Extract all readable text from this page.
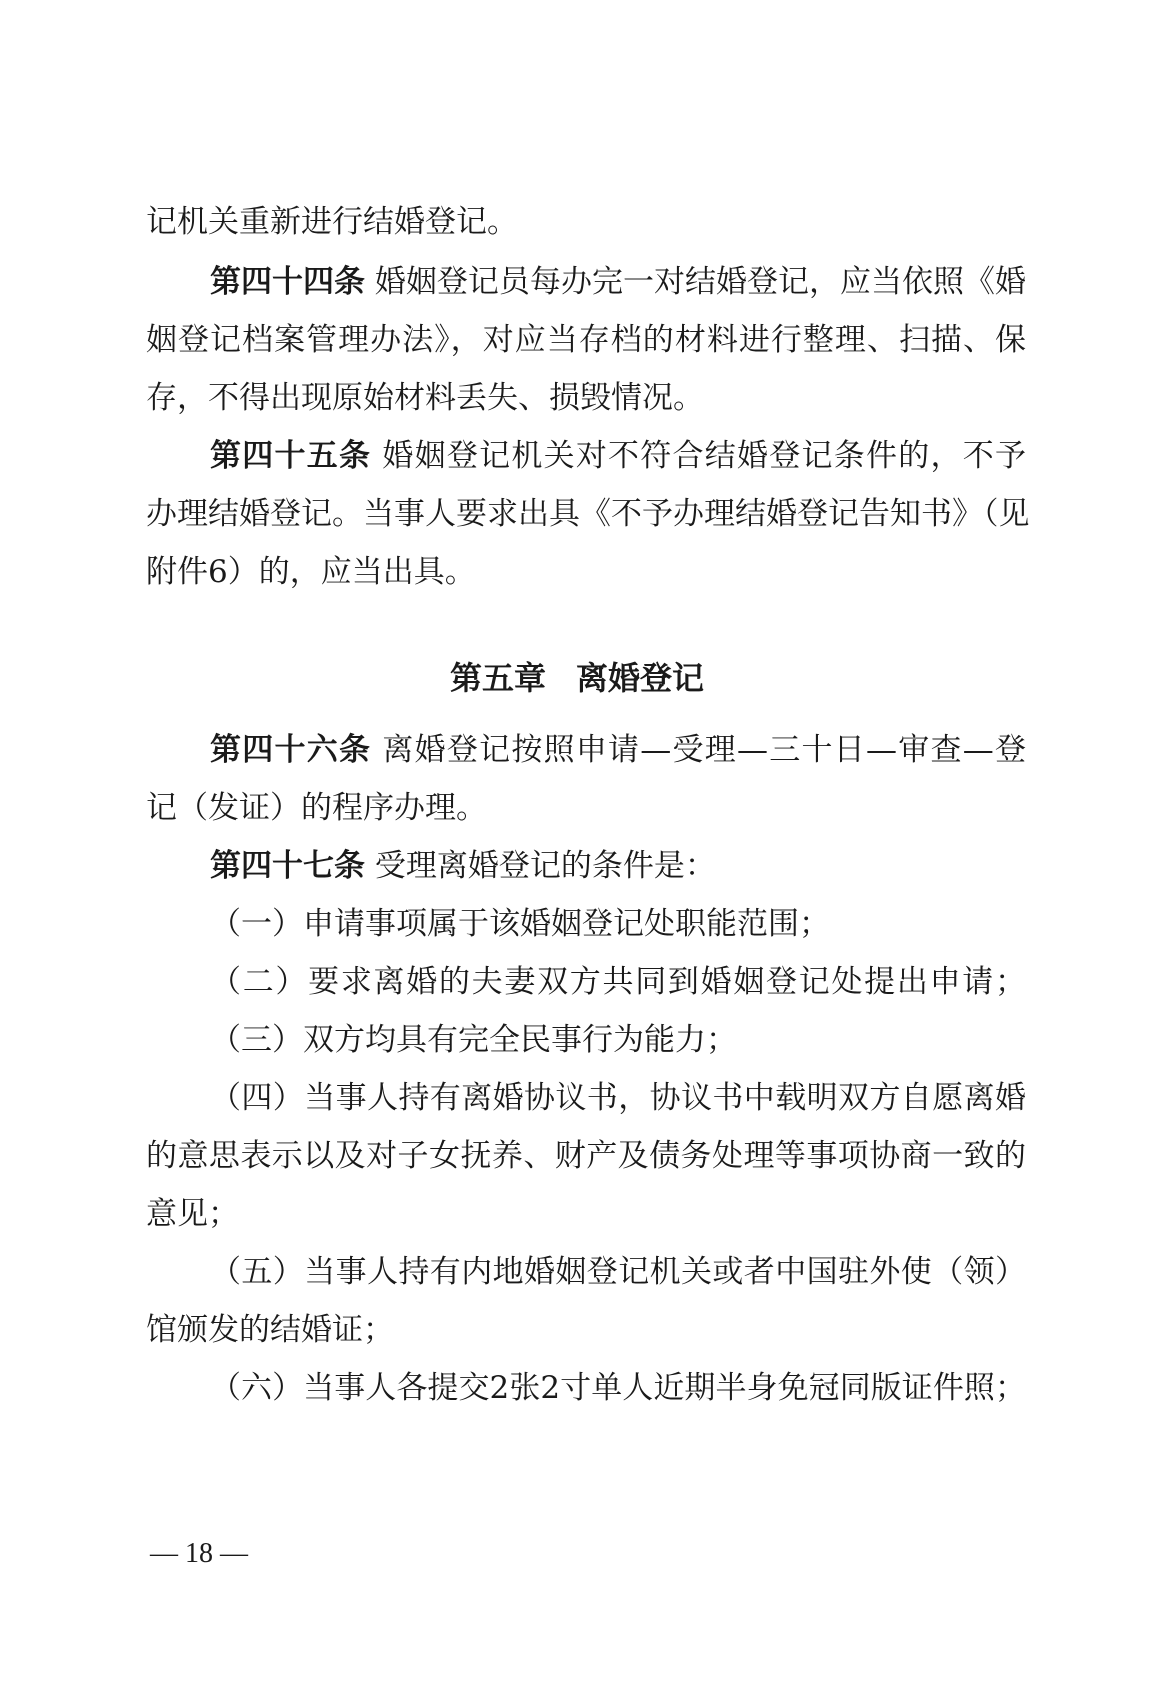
记机关重新进行结婚登记。
第四十四条 婚姻登记员每办完一对结婚登记，应当依照《婚
姻登记档案管理办法》，对应当存档的材料进行整理、扫描、保
存，不得出现原始材料丢失、损毁情况。
第四十五条 婚姻登记机关对不符合结婚登记条件的，不予
办理结婚登记。当事人要求出具《不予办理结婚登记告知书》（见
附件6）的，应当出具。
第五章 离婚登记
第四十六条 离婚登记按照申请—受理—三十日—审查—登
记（发证）的程序办理。
第四十七条 受理离婚登记的条件是：
（一）申请事项属于该婚姻登记处职能范围；
（二）要求离婚的夫妻双方共同到婚姻登记处提出申请；
（三）双方均具有完全民事行为能力；
（四）当事人持有离婚协议书，协议书中载明双方自愿离婚
的意思表示以及对子女抚养、财产及债务处理等事项协商一致的
意见；
（五）当事人持有内地婚姻登记机关或者中国驻外使（领）
馆颁发的结婚证；
（六）当事人各提交2张2寸单人近期半身免冠同版证件照；
— 18 —
